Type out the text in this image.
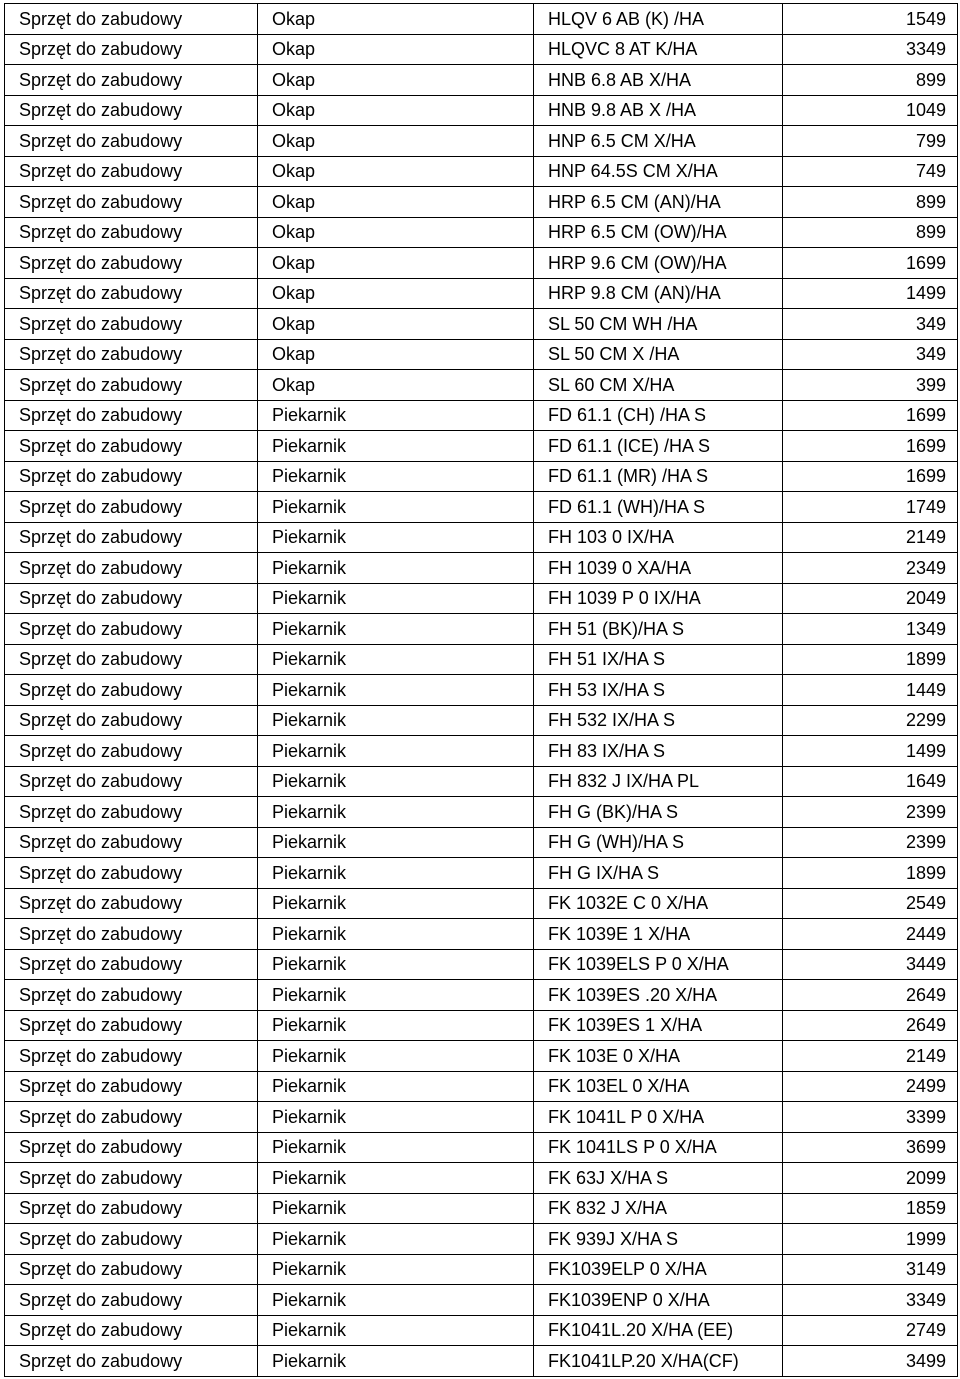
Sprzęt do zabudowy	Okap	HLQV 6 AB (K) /HA	1549
Sprzęt do zabudowy	Okap	HLQVC 8 AT K/HA	3349
Sprzęt do zabudowy	Okap	HNB 6.8 AB X/HA	899
Sprzęt do zabudowy	Okap	HNB 9.8 AB X /HA	1049
Sprzęt do zabudowy	Okap	HNP 6.5 CM X/HA	799
Sprzęt do zabudowy	Okap	HNP 64.5S CM X/HA	749
Sprzęt do zabudowy	Okap	HRP 6.5 CM (AN)/HA	899
Sprzęt do zabudowy	Okap	HRP 6.5 CM (OW)/HA	899
Sprzęt do zabudowy	Okap	HRP 9.6 CM (OW)/HA	1699
Sprzęt do zabudowy	Okap	HRP 9.8 CM (AN)/HA	1499
Sprzęt do zabudowy	Okap	SL 50 CM WH /HA	349
Sprzęt do zabudowy	Okap	SL 50 CM X /HA	349
Sprzęt do zabudowy	Okap	SL 60 CM X/HA	399
Sprzęt do zabudowy	Piekarnik	FD 61.1 (CH) /HA S	1699
Sprzęt do zabudowy	Piekarnik	FD 61.1 (ICE) /HA S	1699
Sprzęt do zabudowy	Piekarnik	FD 61.1 (MR) /HA S	1699
Sprzęt do zabudowy	Piekarnik	FD 61.1 (WH)/HA S	1749
Sprzęt do zabudowy	Piekarnik	FH 103 0 IX/HA	2149
Sprzęt do zabudowy	Piekarnik	FH 1039 0 XA/HA	2349
Sprzęt do zabudowy	Piekarnik	FH 1039 P 0 IX/HA	2049
Sprzęt do zabudowy	Piekarnik	FH 51 (BK)/HA S	1349
Sprzęt do zabudowy	Piekarnik	FH 51 IX/HA S	1899
Sprzęt do zabudowy	Piekarnik	FH 53 IX/HA S	1449
Sprzęt do zabudowy	Piekarnik	FH 532 IX/HA S	2299
Sprzęt do zabudowy	Piekarnik	FH 83 IX/HA S	1499
Sprzęt do zabudowy	Piekarnik	FH 832 J IX/HA PL	1649
Sprzęt do zabudowy	Piekarnik	FH G (BK)/HA S	2399
Sprzęt do zabudowy	Piekarnik	FH G (WH)/HA S	2399
Sprzęt do zabudowy	Piekarnik	FH G IX/HA S	1899
Sprzęt do zabudowy	Piekarnik	FK 1032E C 0 X/HA	2549
Sprzęt do zabudowy	Piekarnik	FK 1039E 1 X/HA	2449
Sprzęt do zabudowy	Piekarnik	FK 1039ELS P 0 X/HA	3449
Sprzęt do zabudowy	Piekarnik	FK 1039ES .20 X/HA	2649
Sprzęt do zabudowy	Piekarnik	FK 1039ES 1 X/HA	2649
Sprzęt do zabudowy	Piekarnik	FK 103E 0 X/HA	2149
Sprzęt do zabudowy	Piekarnik	FK 103EL 0 X/HA	2499
Sprzęt do zabudowy	Piekarnik	FK 1041L P 0 X/HA	3399
Sprzęt do zabudowy	Piekarnik	FK 1041LS P 0 X/HA	3699
Sprzęt do zabudowy	Piekarnik	FK 63J X/HA S	2099
Sprzęt do zabudowy	Piekarnik	FK 832 J X/HA	1859
Sprzęt do zabudowy	Piekarnik	FK 939J X/HA S	1999
Sprzęt do zabudowy	Piekarnik	FK1039ELP 0 X/HA	3149
Sprzęt do zabudowy	Piekarnik	FK1039ENP 0 X/HA	3349
Sprzęt do zabudowy	Piekarnik	FK1041L.20 X/HA (EE)	2749
Sprzęt do zabudowy	Piekarnik	FK1041LP.20 X/HA(CF)	3499
